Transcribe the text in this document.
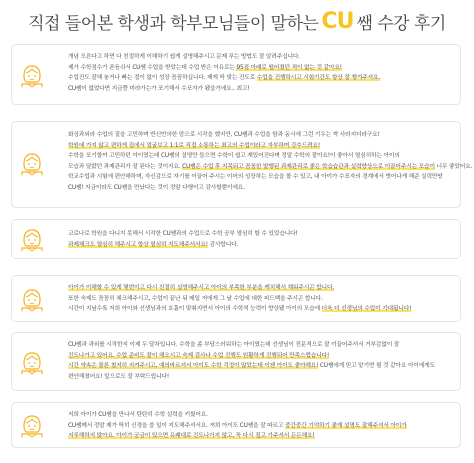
직접 들어본 학생과 학부모님들이 말하는 CU 쌤 수강 후기
개념 모른다고 하면 다 친절하게 이해하기 쉽게 설명해주시고 문제 푸는 방법도 잘 알려주십니다.
제가 수학점수가 폰듬쉬서 CU쌤 수업을 받았는데 수업 받은 이유로는 95점 아래로 떨어졌던 적이 없는 것 같아요!
수업진도 잘해 놓거나 빠는 절이 없이 성장 꼼꼼하십니다. 제게 딱 맞는 진도로 수업을 진행하시고 시험기간도 항상 잘 챙겨주셔요.
CU쌤이 없었다면 지금쯤 미라가는가 포기해서 수포자가 됐을거에요.. 최고!
화상과외라 수업의 질을 고민하며 반신반의한 맘으로 시작을 했지만, CU쌤과 수업을 함과 동시에 그런 기우는 싹 사라지더라구요!
학원에 가지 않고 편하게 집에서 얼굴보고 1:1로 직접 소통하는 최고의 수업이라고 자부하며 강추드려요!
수학을 포기할까 고민하던 아이였는데 CU쌤의 설명만 들으면 수학이 쉽고 재밌어진다며 정말 수학의 잘아요!이 좋아서 열심히하는 아이의
모습과 달랐던 과제관리가 잘 된다는 것이지요. CU쌤은 수업 후 지목되고 꼼꼼한 발행된 과제관리로 좋은 학습습관과 실력향상으로 이끌어주시는 모습이 너무 좋았어요.
학교수업과 시험에 편안해하며, 자신감으로 자기를 이끌어 주시는 이어의 성장하는 모습을 볼 수 있고, 내 아이가 수포자의 경계에서 벗어나게 해준 실력만땅
CU쌤! 지금이라도 CU쌤을 만났다는 것이 정말 다행이고 감사할뿐이에요.
코로나로 학원을 다니지 못해서 시작한 CU쌤과의 수업으로 수학 공부 열심히 할 수 있었습니다!
과제체크도 열심히 해주시고 항상 열심히 지도해주셔서요! 감사합니다.
아이가 이해할 수 있게 몇번이고 다시 친절히 설명해주시고 아이의 부족한 부분을 캐치해서 채워주시곤 합니다.
또한 숙제도 꼼꼼히 체크해주시고, 수업이 끝난 뒤 매일 저에게 그 날 수업에 대한 피드백을 주시곤 합니다.
시간이 지날수록 저희 아이와 선생님과의 호흡이 맞춰지면서 아이의 수학적 능력이 향상됐 아이의 모습에 더욱 더 선생님의 수업이 기대됩니다!
CU쌤과 과외를 시작한지 이제 두 달차입니다. 수학을 좀 부담스러워하는 아이였는데 선생님이 전문적으로 잘 이끌어주셔서 거부감없이 잘
진도나가고 있어요. 수업 준비도 잘이 해오시고 숙제 검사나 수업 진행도 원활하게 진행되어 만족스럽습니다!
시간 약속은 물론 철저히 지켜주시고, 예의바르셔서 아이도 수학 걱정이 많았는데 이젠 아이도 좋아해요! CU쌤에게 믿고 맡기면 될 것 같아요 아이에게도
편안해졌어요! 앞으로도 잘 부탁드립니다!
저희 아이가 CU쌤을 만나서 탄탄히 수학 실력을 키웠어요.
CU쌤께서 정말 제가 딱히 신경을 쓸 일이 지도해주셔서요. 저희 아이도 CU쌤을 잘 따르고 중간중간 기억하기 좋게 설명도 잘해주셔서 아이가
지루해하지 않아요. 아이가 궁금이 있으면 유쾌대로 진도나가지 않고, 꼭 다시 짚고 가주셔서 든든해요!
